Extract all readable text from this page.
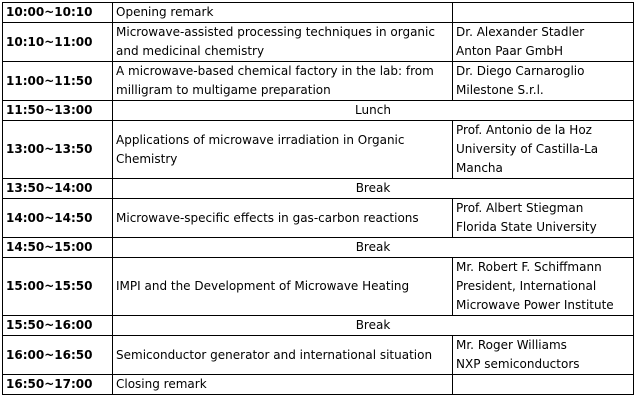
10:00~10:10	Opening remark	

10:10~11:00	Microwave-assisted processing techniques in organic
and medicinal chemistry	Dr. Alexander Stadler
Anton Paar GmbH

11:00~11:50	A microwave-based chemical factory in the lab: from
milligram to multigame preparation	Dr. Diego Carnaroglio
Milestone S.r.l.

11:50~13:00	Lunch	

13:00~13:50	Applications of microwave irradiation in Organic
Chemistry	Prof. Antonio de la Hoz
University of Castilla-La
Mancha

13:50~14:00	Break	

14:00~14:50	Microwave-specific effects in gas-carbon reactions	Prof. Albert Stiegman
Florida State University

14:50~15:00	Break	

15:00~15:50	IMPI and the Development of Microwave Heating	Mr. Robert F. Schiffmann
President, International
Microwave Power Institute

15:50~16:00	Break	

16:00~16:50	Semiconductor generator and international situation	Mr. Roger Williams
NXP semiconductors

16:50~17:00	Closing remark	
